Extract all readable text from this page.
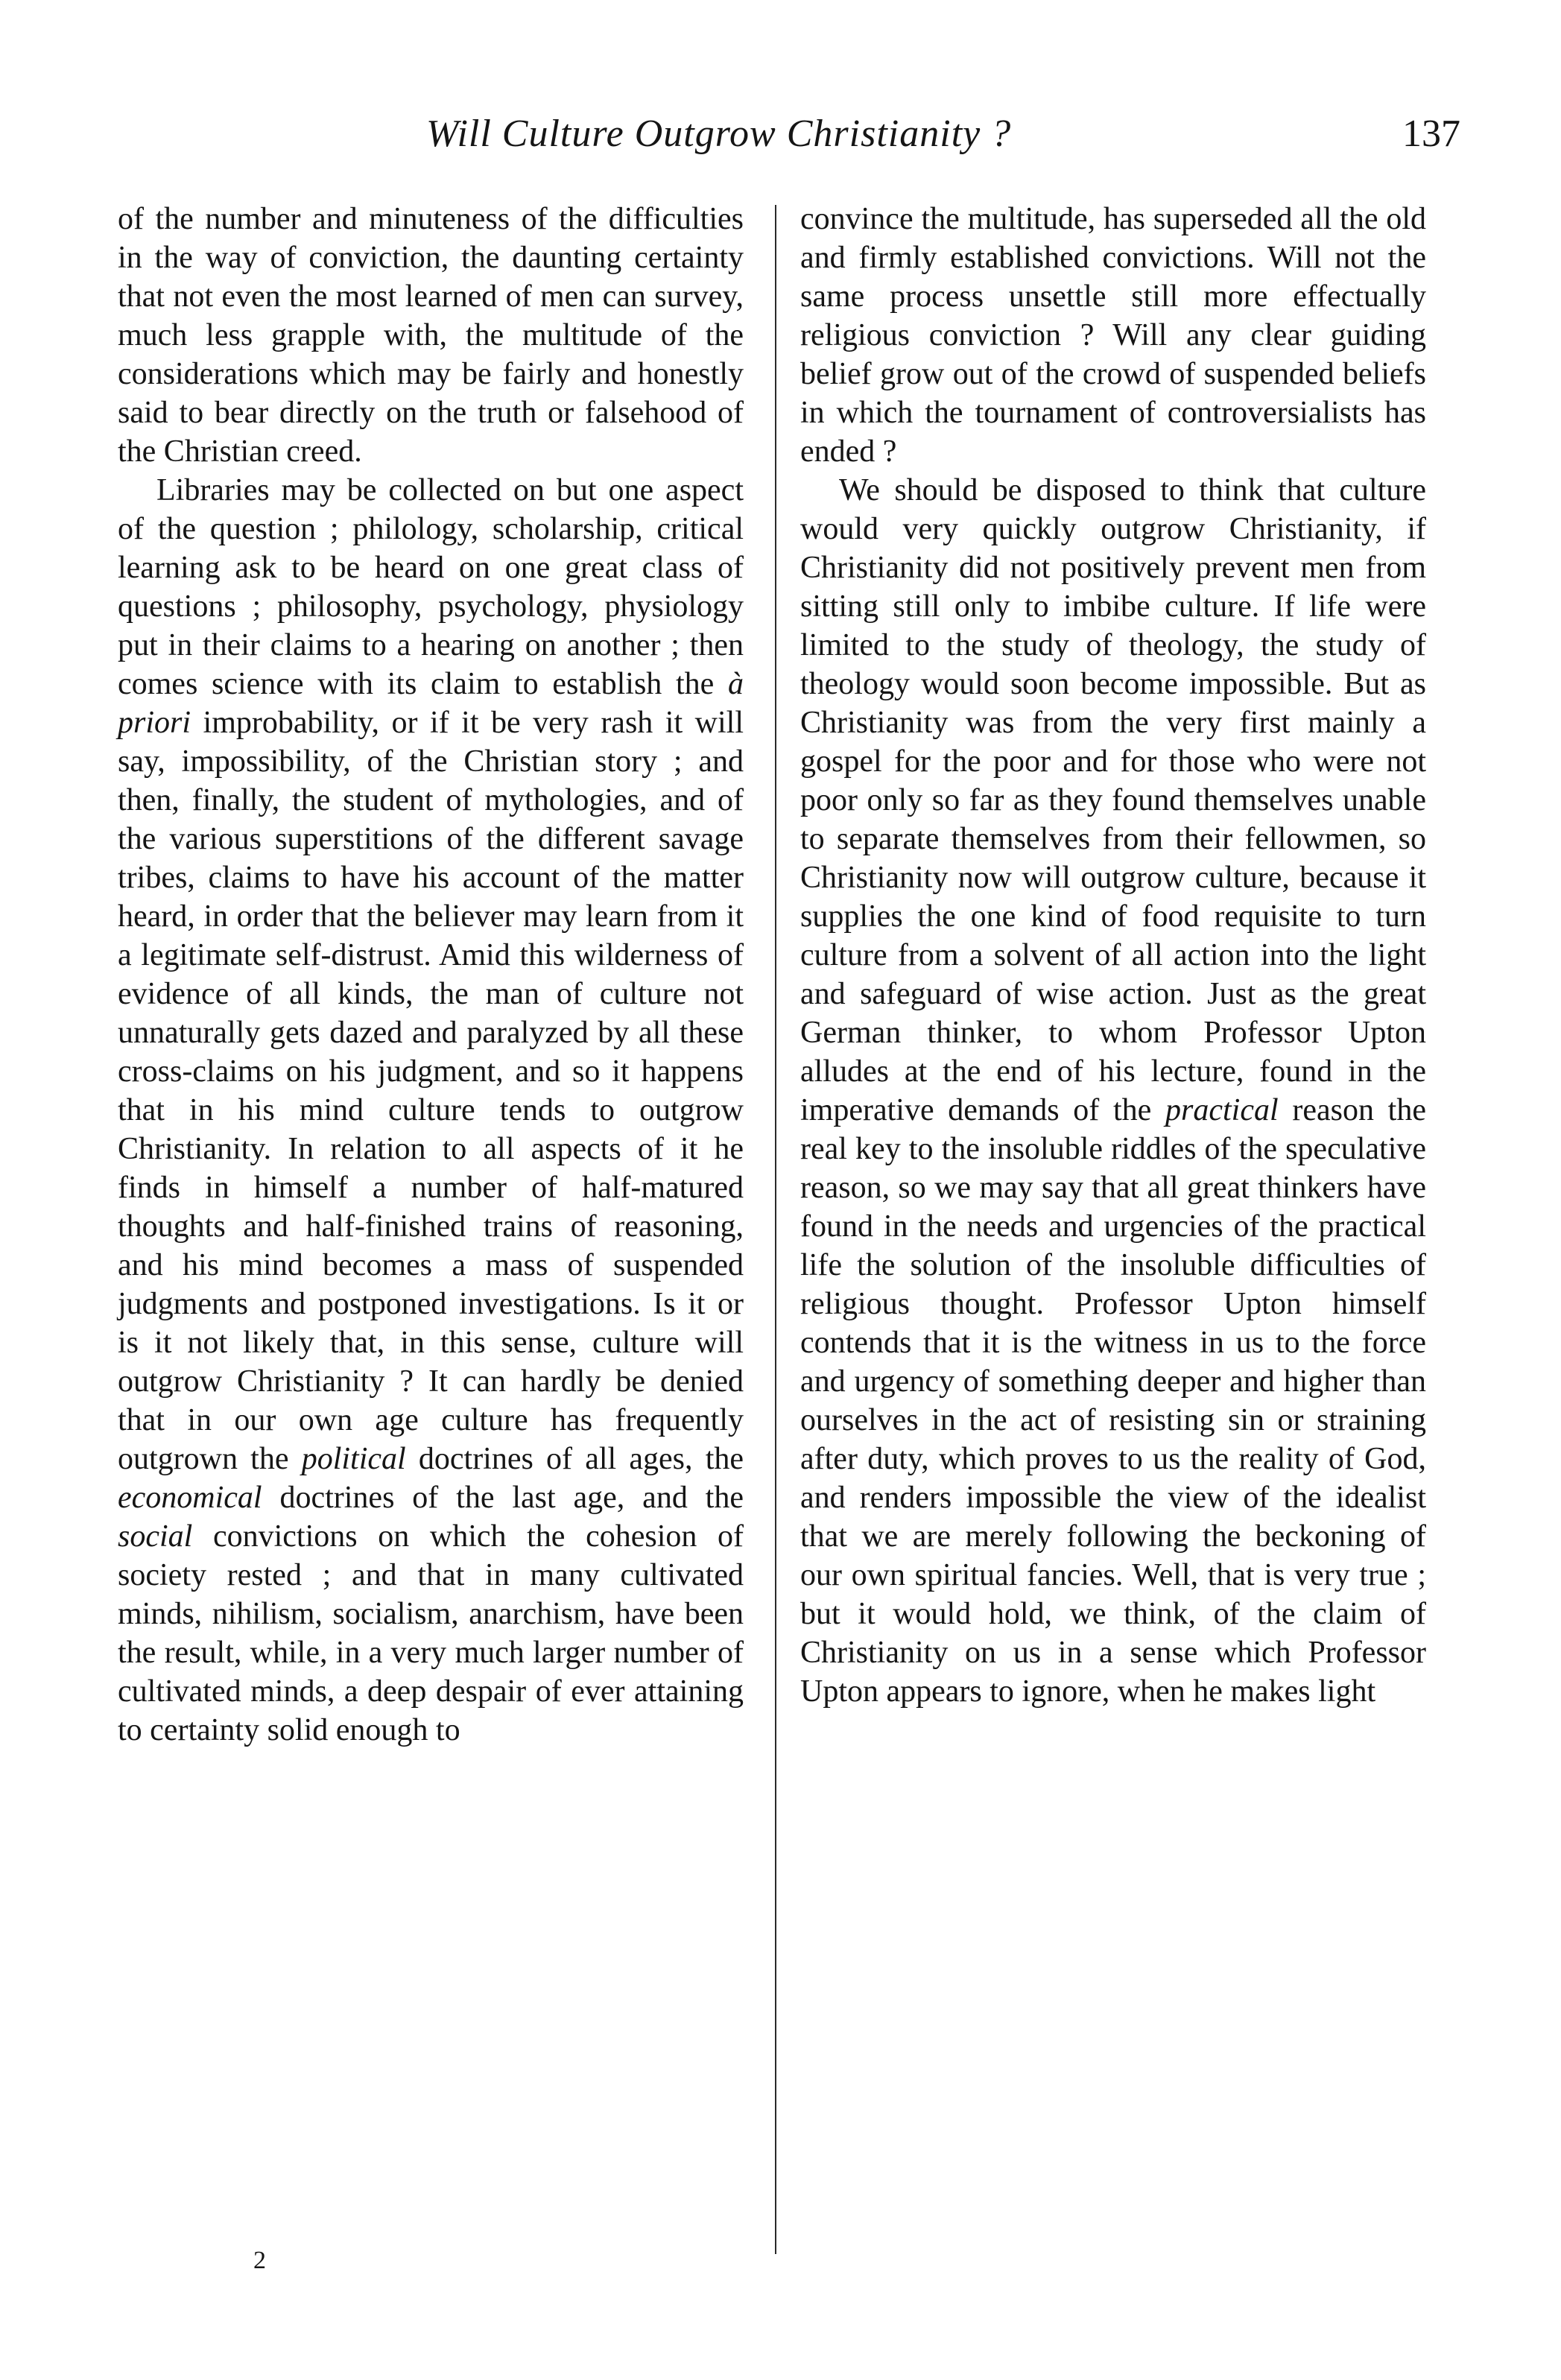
Will Culture Outgrow Christianity ?	137

of the number and minuteness of the difficulties in the way of conviction, the daunting certainty that not even the most learned of men can survey, much less grapple with, the multitude of the considerations which may be fairly and honestly said to bear directly on the truth or falsehood of the Christian creed.

Libraries may be collected on but one aspect of the question ; philology, scholarship, critical learning ask to be heard on one great class of questions ; philosophy, psychology, physiology put in their claims to a hearing on another ; then comes science with its claim to establish the à priori improbability, or if it be very rash it will say, impossibility, of the Christian story ; and then, finally, the student of mythologies, and of the various superstitions of the different savage tribes, claims to have his account of the matter heard, in order that the believer may learn from it a legitimate self-distrust. Amid this wilderness of evidence of all kinds, the man of culture not unnaturally gets dazed and paralyzed by all these cross-claims on his judgment, and so it happens that in his mind culture tends to outgrow Christianity. In relation to all aspects of it he finds in himself a number of half-matured thoughts and half-finished trains of reasoning, and his mind becomes a mass of suspended judgments and postponed investigations. Is it or is it not likely that, in this sense, culture will outgrow Christianity ? It can hardly be denied that in our own age culture has frequently outgrown the political doctrines of all ages, the economical doctrines of the last age, and the social convictions on which the cohesion of society rested ; and that in many cultivated minds, nihilism, socialism, anarchism, have been the result, while, in a very much larger number of cultivated minds, a deep despair of ever attaining to certainty solid enough to

convince the multitude, has superseded all the old and firmly established convictions. Will not the same process unsettle still more effectually religious conviction ? Will any clear guiding belief grow out of the crowd of suspended beliefs in which the tournament of controversialists has ended ?

We should be disposed to think that culture would very quickly outgrow Christianity, if Christianity did not positively prevent men from sitting still only to imbibe culture. If life were limited to the study of theology, the study of theology would soon become impossible. But as Christianity was from the very first mainly a gospel for the poor and for those who were not poor only so far as they found themselves unable to separate themselves from their fellowmen, so Christianity now will outgrow culture, because it supplies the one kind of food requisite to turn culture from a solvent of all action into the light and safeguard of wise action. Just as the great German thinker, to whom Professor Upton alludes at the end of his lecture, found in the imperative demands of the practical reason the real key to the insoluble riddles of the speculative reason, so we may say that all great thinkers have found in the needs and urgencies of the practical life the solution of the insoluble difficulties of religious thought. Professor Upton himself contends that it is the witness in us to the force and urgency of something deeper and higher than ourselves in the act of resisting sin or straining after duty, which proves to us the reality of God, and renders impossible the view of the idealist that we are merely following the beckoning of our own spiritual fancies. Well, that is very true ; but it would hold, we think, of the claim of Christianity on us in a sense which Professor Upton appears to ignore, when he makes light

2
